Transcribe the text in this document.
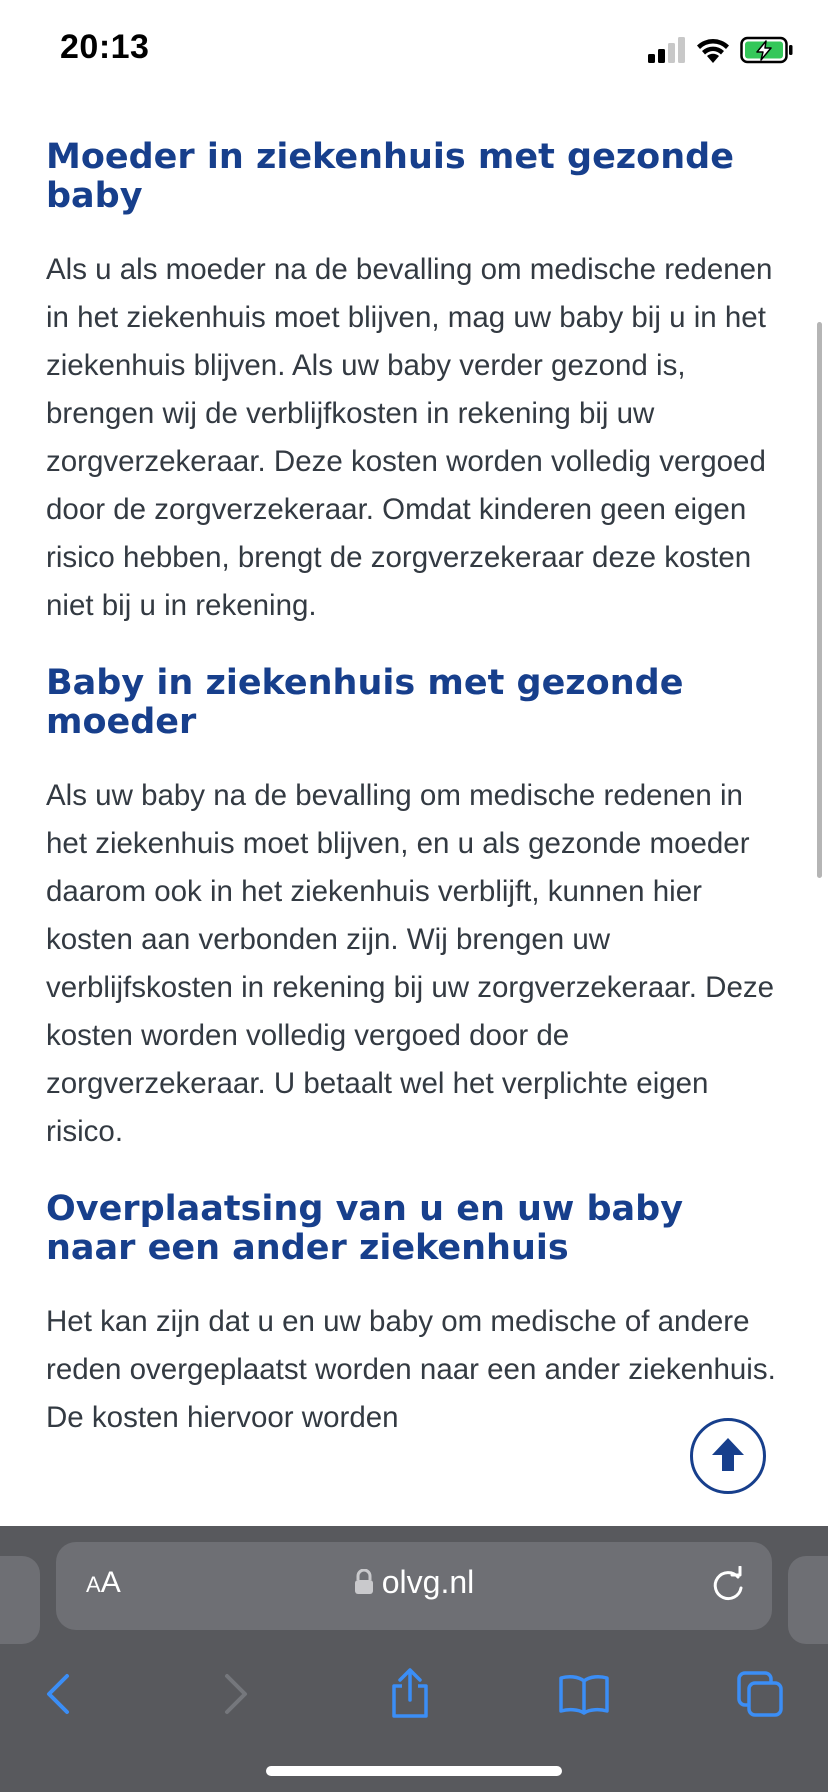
20:13
Moeder in ziekenhuis met gezonde baby

Als u als moeder na de bevalling om medische redenen in het ziekenhuis moet blijven, mag uw baby bij u in het ziekenhuis blijven. Als uw baby verder gezond is, brengen wij de verblijfkosten in rekening bij uw zorgverzekeraar. Deze kosten worden volledig vergoed door de zorgverzekeraar. Omdat kinderen geen eigen risico hebben, brengt de zorgverzekeraar deze kosten niet bij u in rekening.

Baby in ziekenhuis met gezonde moeder

Als uw baby na de bevalling om medische redenen in het ziekenhuis moet blijven, en u als gezonde moeder daarom ook in het ziekenhuis verblijft, kunnen hier kosten aan verbonden zijn. Wij brengen uw verblijfskosten in rekening bij uw zorgverzekeraar. Deze kosten worden volledig vergoed door de zorgverzekeraar. U betaalt wel het verplichte eigen risico.

Overplaatsing van u en uw baby naar een ander ziekenhuis

Het kan zijn dat u en uw baby om medische of andere reden overgeplaatst worden naar een ander ziekenhuis. De kosten hiervoor worden

AA	olvg.nl
